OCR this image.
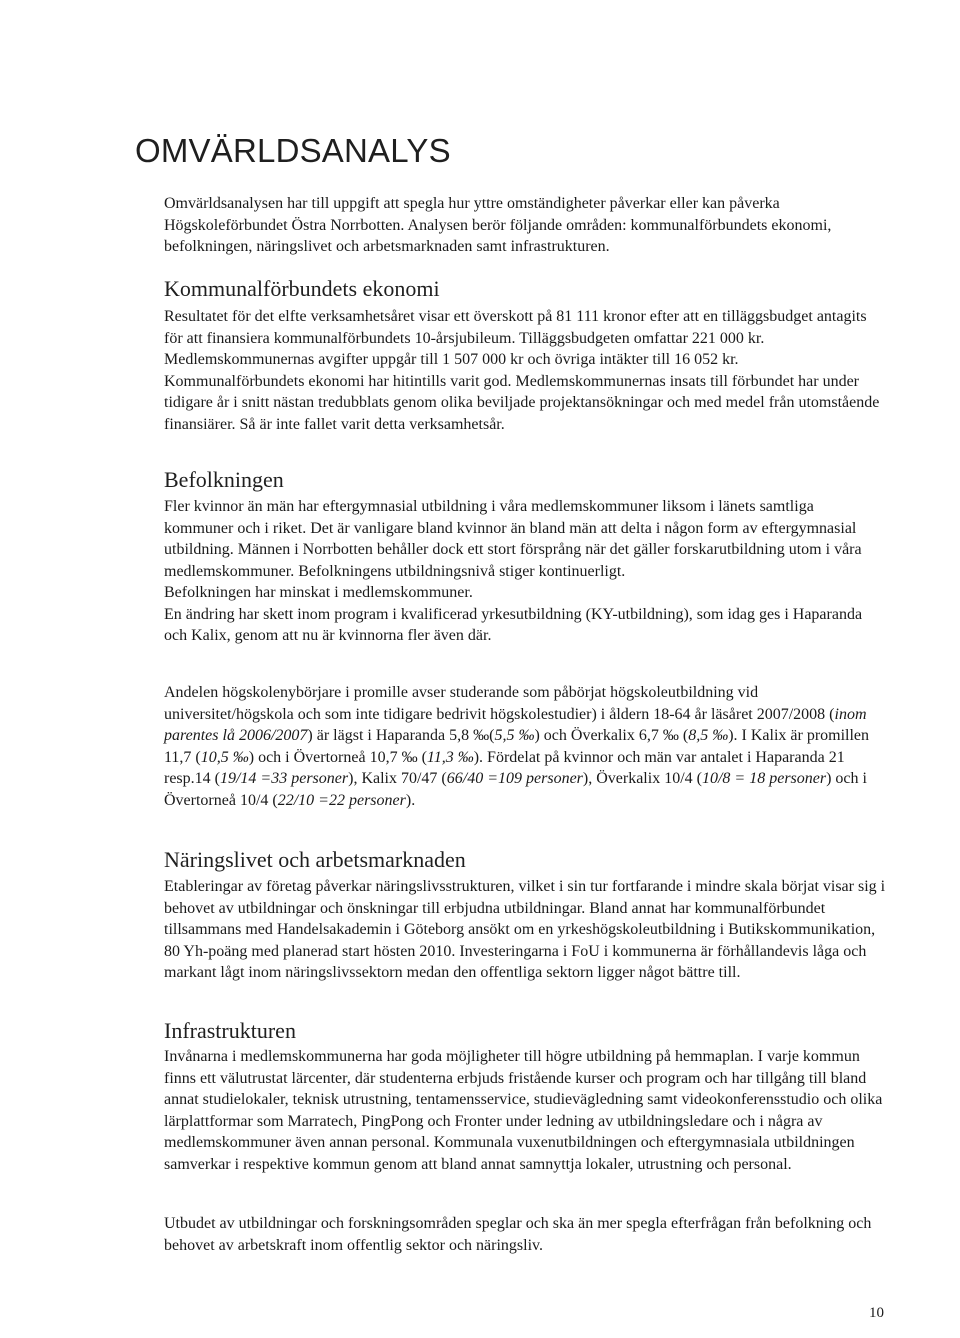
OMVÄRLDSANALYS

Omvärldsanalysen har till uppgift att spegla hur yttre omständigheter påverkar eller kan påverka Högskoleförbundet Östra Norrbotten. Analysen berör följande områden: kommunalförbundets ekonomi, befolkningen, näringslivet och arbetsmarknaden samt infrastrukturen.

Kommunalförbundets ekonomi

Resultatet för det elfte verksamhetsåret visar ett överskott på 81 111 kronor efter att en tilläggsbudget antagits för att finansiera kommunalförbundets 10-årsjubileum. Tilläggsbudgeten omfattar 221 000 kr. Medlemskommunernas avgifter uppgår till 1 507 000 kr och övriga intäkter till 16 052 kr.

Kommunalförbundets ekonomi har hitintills varit god. Medlemskommunernas insats till förbundet har under tidigare år i snitt nästan tredubblats genom olika beviljade projektansökningar och med medel från utomstående finansiärer. Så är inte fallet varit detta verksamhetsår.

Befolkningen

Fler kvinnor än män har eftergymnasial utbildning i våra medlemskommuner liksom i länets samtliga kommuner och i riket. Det är vanligare bland kvinnor än bland män att delta i någon form av eftergymnasial utbildning. Männen i Norrbotten behåller dock ett stort försprång när det gäller forskarutbildning utom i våra medlemskommuner. Befolkningens utbildningsnivå stiger kontinuerligt.

Befolkningen har minskat i medlemskommuner.

En ändring har skett inom program i kvalificerad yrkesutbildning (KY-utbildning), som idag ges i Haparanda och Kalix, genom att nu är kvinnorna fler även där.

Andelen högskolenybörjare i promille avser studerande som påbörjat högskoleutbildning vid universitet/högskola och som inte tidigare bedrivit högskolestudier) i åldern 18-64 år läsåret 2007/2008 (inom parentes lå 2006/2007) är lägst i Haparanda 5,8 ‰(5,5 ‰) och Överkalix 6,7 ‰ (8,5 ‰). I Kalix är promillen 11,7 (10,5 ‰) och i Övertorneå 10,7 ‰ (11,3 ‰). Fördelat på kvinnor och män var antalet i Haparanda 21 resp.14 (19/14 =33 personer), Kalix 70/47 (66/40 =109 personer), Överkalix 10/4 (10/8 = 18 personer) och i Övertorneå 10/4 (22/10 =22 personer).

Näringslivet och arbetsmarknaden

Etableringar av företag påverkar näringslivsstrukturen, vilket i sin tur fortfarande i mindre skala börjat visar sig i behovet av utbildningar och önskningar till erbjudna utbildningar. Bland annat har kommunalförbundet tillsammans med Handelsakademin i Göteborg ansökt om en yrkeshögskoleutbildning i Butikskommunikation, 80 Yh-poäng med planerad start hösten 2010. Investeringarna i FoU i kommunerna är förhållandevis låga och markant lågt inom näringslivssektorn medan den offentliga sektorn ligger något bättre till.

Infrastrukturen

Invånarna i medlemskommunerna har goda möjligheter till högre utbildning på hemmaplan. I varje kommun finns ett välutrustat lärcenter, där studenterna erbjuds fristående kurser och program och har tillgång till bland annat studielokaler, teknisk utrustning, tentamensservice, studievägledning samt videokonferensstudio och olika lärplattformar som Marratech, PingPong och Fronter under ledning av utbildningsledare och i några av medlemskommuner även annan personal. Kommunala vuxenutbildningen och eftergymnasiala utbildningen samverkar i respektive kommun genom att bland annat samnyttja lokaler, utrustning och personal.

Utbudet av utbildningar och forskningsområden speglar och ska än mer spegla efterfrågan från befolkning och behovet av arbetskraft inom offentlig sektor och näringsliv.

10
